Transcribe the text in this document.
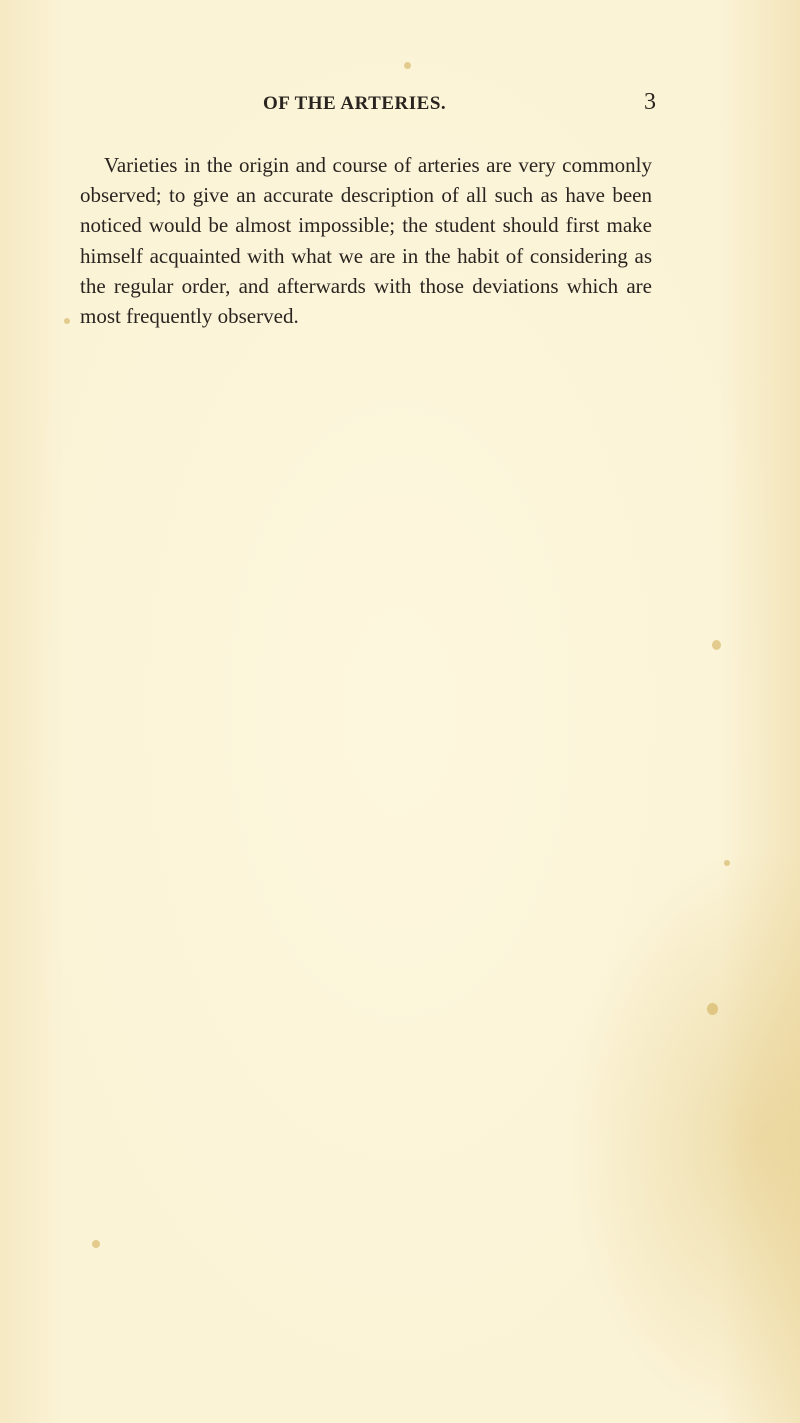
OF THE ARTERIES.	3

Varieties in the origin and course of arteries are very commonly observed; to give an accurate description of all such as have been noticed would be almost impossible; the student should first make himself acquainted with what we are in the habit of considering as the regular order, and afterwards with those deviations which are most frequently observed.
